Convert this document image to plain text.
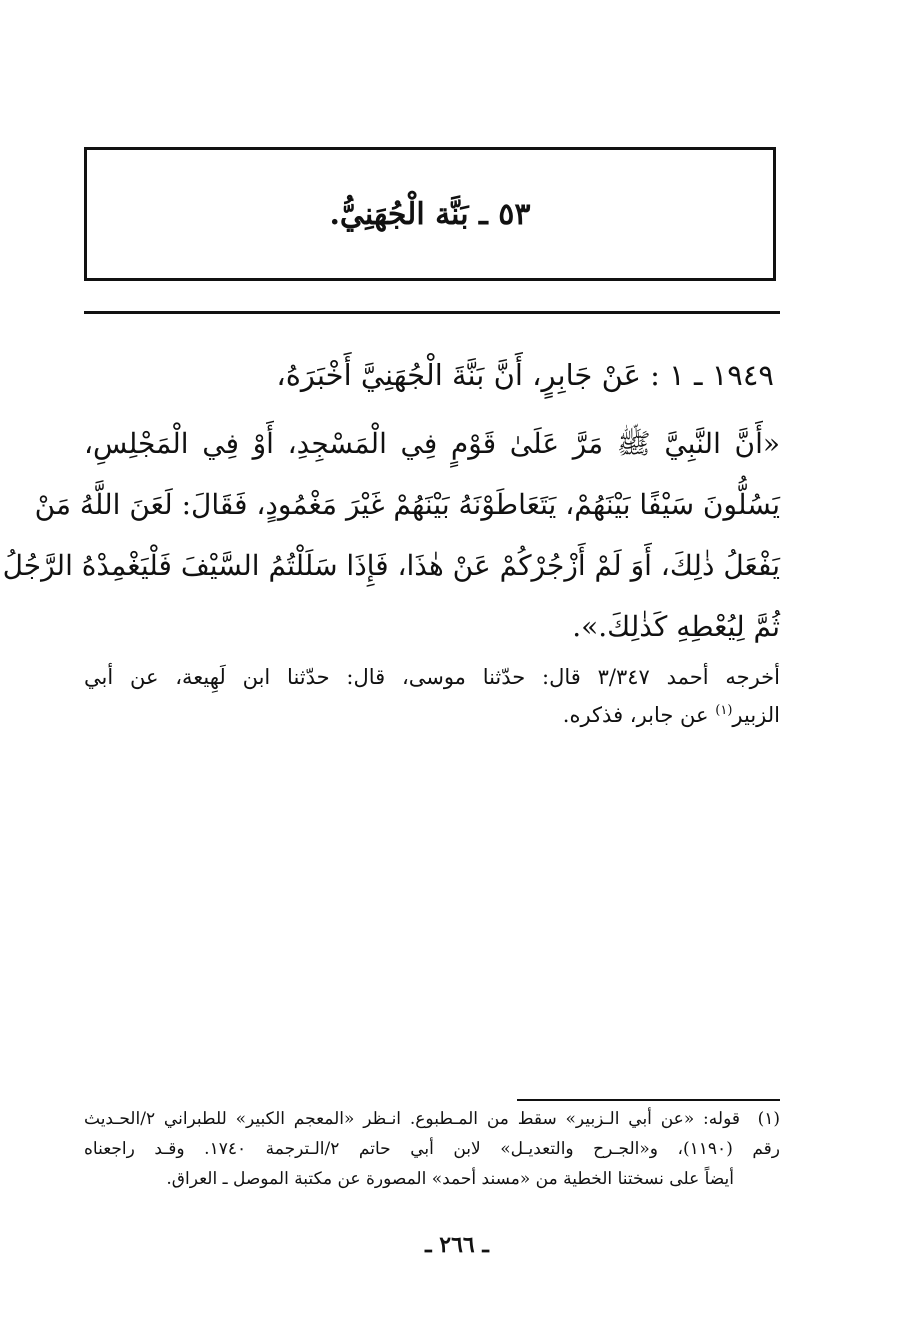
٥٣ ـ بَنَّة الْجُهَنِيُّ.
١٩٤٩ ـ ١ : عَنْ جَابِرٍ، أَنَّ بَنَّةَ الْجُهَنِيَّ أَخْبَرَهُ،
«أَنَّ النَّبِيَّ ﷺ مَرَّ عَلَىٰ قَوْمٍ فِي الْمَسْجِدِ، أَوْ فِي الْمَجْلِسِ،
يَسُلُّونَ سَيْفًا بَيْنَهُمْ، يَتَعَاطَوْنَهُ بَيْنَهُمْ غَيْرَ مَغْمُودٍ، فَقَالَ: لَعَنَ اللَّهُ مَنْ
يَفْعَلُ ذٰلِكَ، أَوَ لَمْ أَزْجُرْكُمْ عَنْ هٰذَا، فَإِذَا سَلَلْتُمُ السَّيْفَ فَلْيَغْمِدْهُ الرَّجُلُ
ثُمَّ لِيُعْطِهِ كَذٰلِكَ.».
أخرجه أحمد ٣/٣٤٧ قال: حدّثنا موسى، قال: حدّثنا ابن لَهِيعة، عن أبي
الزبير$^{(١)}$ عن جابر، فذكره.
(١)قوله: «عن أبي الـزبير» سقط من المـطبوع. انـظر «المعجم الكبير» للطبراني ٢/الحـديث
رقم (١١٩٠)، و«الجـرح والتعديـل» لابن أبي حاتم ٢/الـترجمة ١٧٤٠. وقـد راجعناه
أيضاً على نسختنا الخطية من «مسند أحمد» المصورة عن مكتبة الموصل ـ العراق.
ـ ٢٦٦ ـ
